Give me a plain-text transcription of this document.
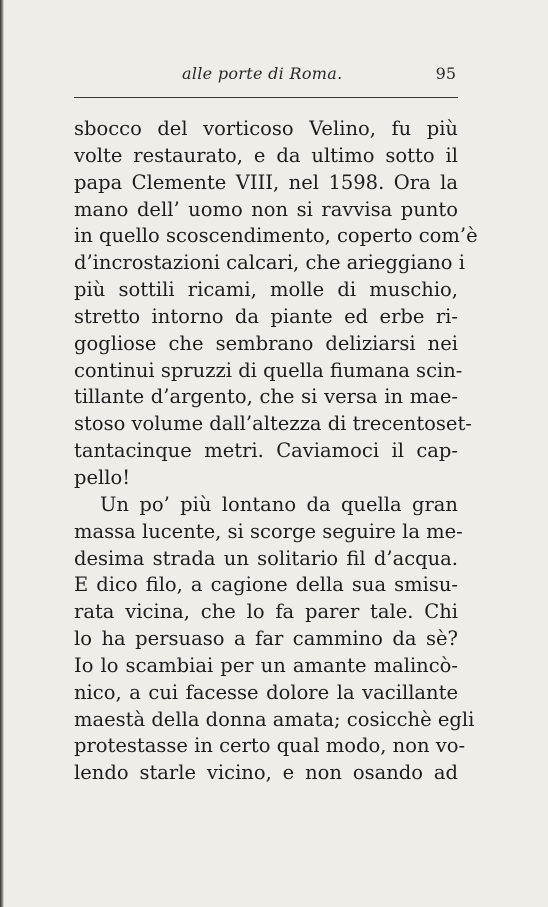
alle porte di Roma.	95
sbocco del vorticoso Velino, fu più
volte restaurato, e da ultimo sotto il
papa Clemente VIII, nel 1598. Ora la
mano dell’ uomo non si ravvisa punto
in quello scoscendimento, coperto com’è
d’incrostazioni calcari, che arieggiano i
più sottili ricami, molle di muschio,
stretto intorno da piante ed erbe ri-
gogliose che sembrano deliziarsi nei
continui spruzzi di quella fiumana scin-
tillante d’argento, che si versa in mae-
stoso volume dall’altezza di trecentoset-
tantacinque metri. Caviamoci il cap-
pello!
Un po’ più lontano da quella gran
massa lucente, si scorge seguire la me-
desima strada un solitario fil d’acqua.
E dico filo, a cagione della sua smisu-
rata vicina, che lo fa parer tale. Chi
lo ha persuaso a far cammino da sè?
Io lo scambiai per un amante malincò-
nico, a cui facesse dolore la vacillante
maestà della donna amata; cosicchè egli
protestasse in certo qual modo, non vo-
lendo starle vicino, e non osando ad
